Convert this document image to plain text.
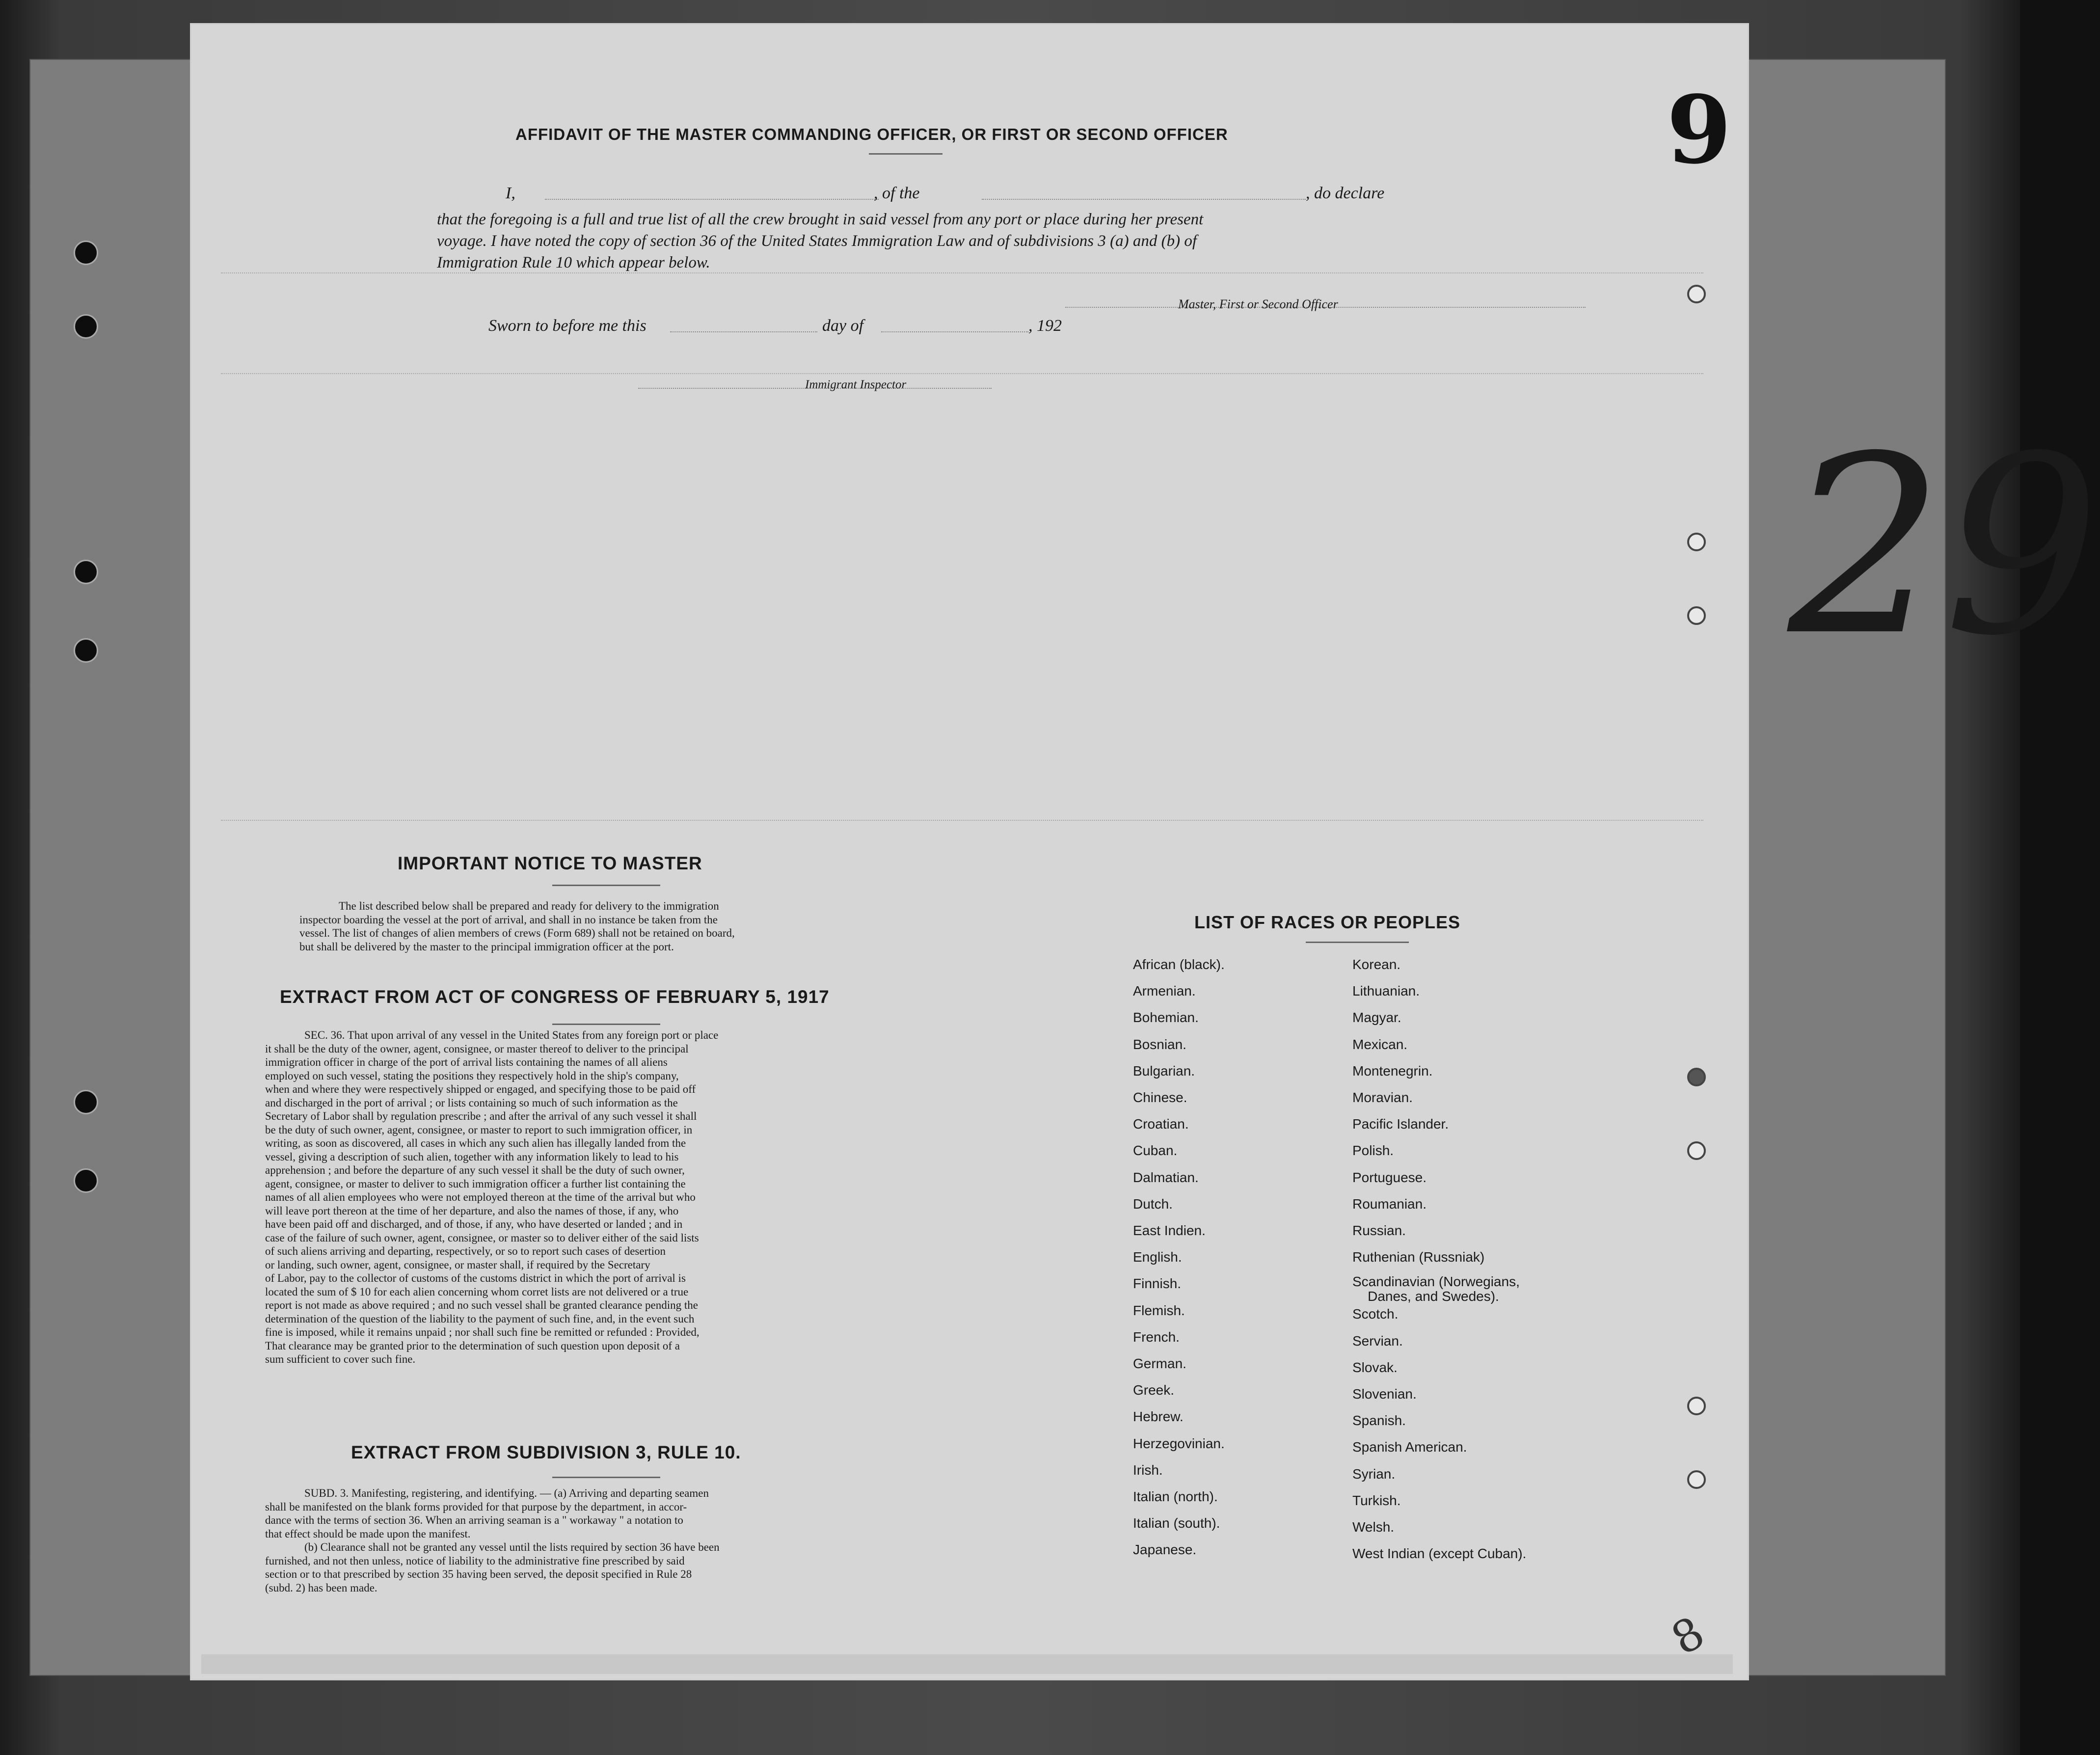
29
AFFIDAVIT OF THE MASTER COMMANDING OFFICER, OR FIRST OR SECOND OFFICER
I,	, of the	, do declare
that the foregoing is a full and true list of all the crew brought in said vessel from any port or place during her present
voyage. I have noted the copy of section 36 of the United States Immigration Law and of subdivisions 3 (a) and (b) of
Immigration Rule 10 which appear below.
Master, First or Second Officer
Sworn to before me this	day of	, 192
Immigrant Inspector
IMPORTANT NOTICE TO MASTER
The list described below shall be prepared and ready for delivery to the immigration
inspector boarding the vessel at the port of arrival, and shall in no instance be taken from the
vessel. The list of changes of alien members of crews (Form 689) shall not be retained on board,
but shall be delivered by the master to the principal immigration officer at the port.
EXTRACT FROM ACT OF CONGRESS OF FEBRUARY 5, 1917
SEC. 36. That upon arrival of any vessel in the United States from any foreign port or place
it shall be the duty of the owner, agent, consignee, or master thereof to deliver to the principal
immigration officer in charge of the port of arrival lists containing the names of all aliens
employed on such vessel, stating the positions they respectively hold in the ship's company,
when and where they were respectively shipped or engaged, and specifying those to be paid off
and discharged in the port of arrival ; or lists containing so much of such information as the
Secretary of Labor shall by regulation prescribe ; and after the arrival of any such vessel it shall
be the duty of such owner, agent, consignee, or master to report to such immigration officer, in
writing, as soon as discovered, all cases in which any such alien has illegally landed from the
vessel, giving a description of such alien, together with any information likely to lead to his
apprehension ; and before the departure of any such vessel it shall be the duty of such owner,
agent, consignee, or master to deliver to such immigration officer a further list containing the
names of all alien employees who were not employed thereon at the time of the arrival but who
will leave port thereon at the time of her departure, and also the names of those, if any, who
have been paid off and discharged, and of those, if any, who have deserted or landed ; and in
case of the failure of such owner, agent, consignee, or master so to deliver either of the said lists
of such aliens arriving and departing, respectively, or so to report such cases of desertion
or landing, such owner, agent, consignee, or master shall, if required by the Secretary
of Labor, pay to the collector of customs of the customs district in which the port of arrival is
located the sum of $ 10 for each alien concerning whom corret lists are not delivered or a true
report is not made as above required ; and no such vessel shall be granted clearance pending the
determination of the question of the liability to the payment of such fine, and, in the event such
fine is imposed, while it remains unpaid ; nor shall such fine be remitted or refunded : Provided,
That clearance may be granted prior to the determination of such question upon deposit of a
sum sufficient to cover such fine.
EXTRACT FROM SUBDIVISION 3, RULE 10.
SUBD. 3. Manifesting, registering, and identifying. — (a) Arriving and departing seamen
shall be manifested on the blank forms provided for that purpose by the department, in accor-
dance with the terms of section 36. When an arriving seaman is a " workaway " a notation to
that effect should be made upon the manifest.
(b) Clearance shall not be granted any vessel until the lists required by section 36 have been
furnished, and not then unless, notice of liability to the administrative fine prescribed by said
section or to that prescribed by section 35 having been served, the deposit specified in Rule 28
(subd. 2) has been made.
LIST OF RACES OR PEOPLES
African (black).
Armenian.
Bohemian.
Bosnian.
Bulgarian.
Chinese.
Croatian.
Cuban.
Dalmatian.
Dutch.
East Indien.
English.
Finnish.
Flemish.
French.
German.
Greek.
Hebrew.
Herzegovinian.
Irish.
Italian (north).
Italian (south).
Japanese.
Korean.
Lithuanian.
Magyar.
Mexican.
Montenegrin.
Moravian.
Pacific Islander.
Polish.
Portuguese.
Roumanian.
Russian.
Ruthenian (Russniak)
Scandinavian (Norwegians,
Danes, and Swedes).
Scotch.
Servian.
Slovak.
Slovenian.
Spanish.
Spanish American.
Syrian.
Turkish.
Welsh.
West Indian (except Cuban).
9
8
